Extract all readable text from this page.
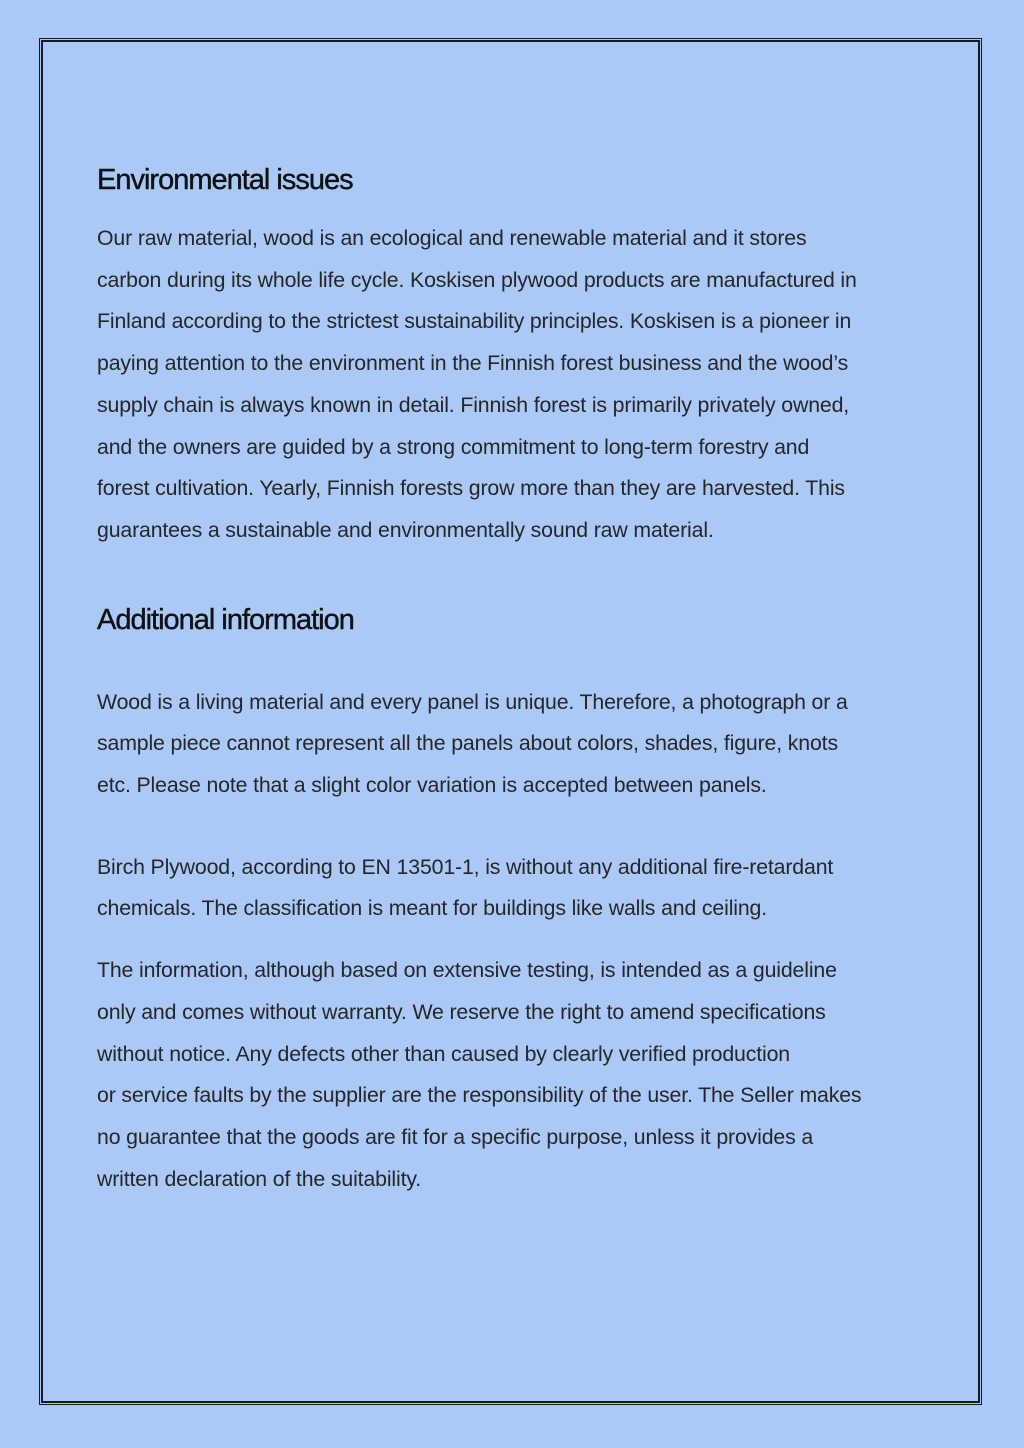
Environmental issues

Our raw material, wood is an ecological and renewable material and it stores
carbon during its whole life cycle. Koskisen plywood products are manufactured in
Finland according to the strictest sustainability principles. Koskisen is a pioneer in
paying attention to the environment in the Finnish forest business and the wood’s
supply chain is always known in detail. Finnish forest is primarily privately owned,
and the owners are guided by a strong commitment to long-term forestry and
forest cultivation. Yearly, Finnish forests grow more than they are harvested. This
guarantees a sustainable and environmentally sound raw material.

Additional information

Wood is a living material and every panel is unique. Therefore, a photograph or a
sample piece cannot represent all the panels about colors, shades, figure, knots
etc. Please note that a slight color variation is accepted between panels.

Birch Plywood, according to EN 13501-1, is without any additional fire-retardant
chemicals. The classification is meant for buildings like walls and ceiling.

The information, although based on extensive testing, is intended as a guideline
only and comes without warranty. We reserve the right to amend specifications
without notice. Any defects other than caused by clearly verified production
or service faults by the supplier are the responsibility of the user. The Seller makes
no guarantee that the goods are fit for a specific purpose, unless it provides a
written declaration of the suitability.
